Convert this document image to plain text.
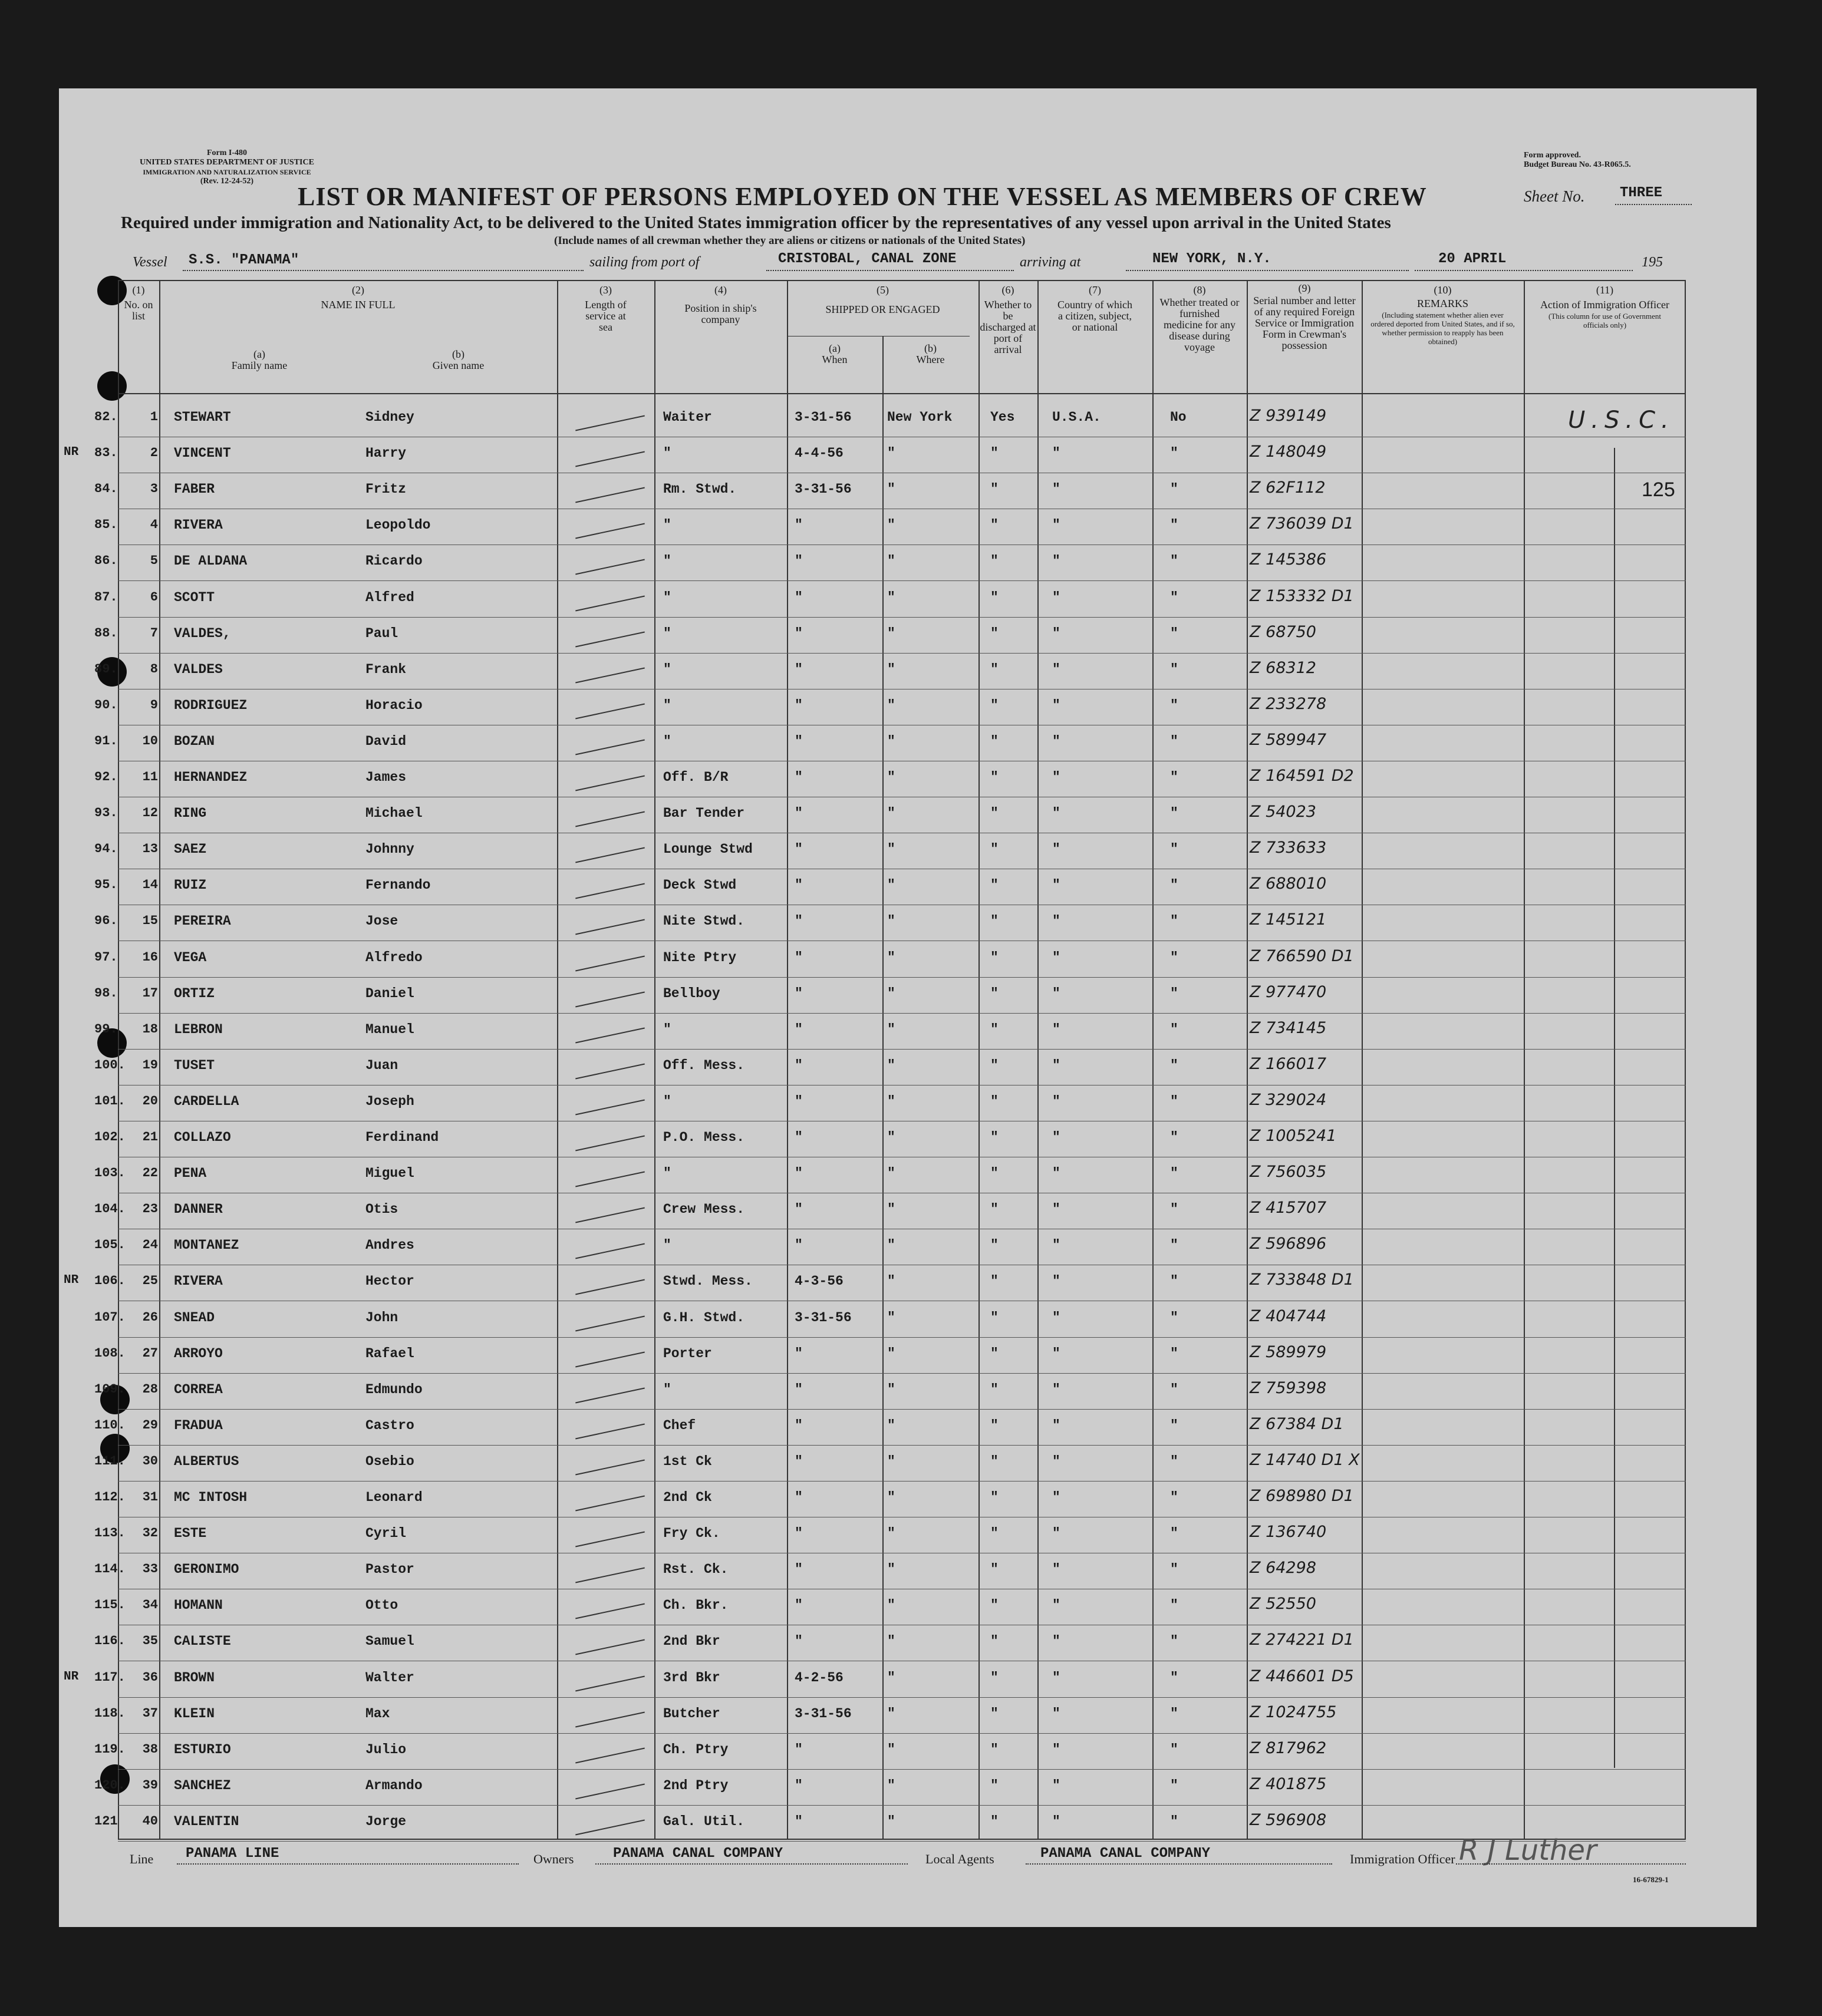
Form I-480
UNITED STATES DEPARTMENT OF JUSTICE
IMMIGRATION AND NATURALIZATION SERVICE
(Rev. 12-24-52)
Form approved.
Budget Bureau No. 43-R065.5.
LIST OR MANIFEST OF PERSONS EMPLOYED ON THE VESSEL AS MEMBERS OF CREW	Sheet No. THREE
Required under immigration and Nationality Act, to be delivered to the United States immigration officer by the representatives of any vessel upon arrival in the United States
(Include names of all crewman whether they are aliens or citizens or nationals of the United States)
Vessel S.S. "PANAMA"	sailing from port of	CRISTOBAL, CANAL ZONE	arriving at	NEW YORK, N.Y.	20 APRIL	195
(1)
No. on list
(2)
NAME IN FULL
(a)
Family name
(b)
Given name
(3)
Length of service at sea
(4)
Position in ship's company
(5)
SHIPPED OR ENGAGED
(a)
When
(b)
Where
(6)
Whether to be discharged at port of arrival
(7)
Country of which a citizen, subject, or national
(8)
Whether treated or furnished medicine for any disease during voyage
(9)
Serial number and letter of any required Foreign Service or Immigration Form in Crewman's possession
(10)
REMARKS
(Including statement whether alien ever ordered deported from United States, and if so, whether permission to reapply has been obtained)
(11)
Action of Immigration Officer
(This column for use of Government officials only)
82.	1 STEWART	Sidney	Waiter	3-31-56	New York	Yes	U.S.A.	No	Z 939149
NR 83.	2 VINCENT	Harry	"	4-4-56	"	"	"	"	Z 148049
84.	3 FABER	Fritz	Rm. Stwd.	3-31-56	"	"	"	"	Z 62F112
85.	4 RIVERA	Leopoldo	"	"	"	"	"	"	Z 736039 D1
86.	5 DE ALDANA	Ricardo	"	"	"	"	"	"	Z 145386
87.	6 SCOTT	Alfred	"	"	"	"	"	"	Z 153332 D1
88.	7 VALDES,	Paul	"	"	"	"	"	"	Z 68750
89.	8 VALDES	Frank	"	"	"	"	"	"	Z 68312
90.	9 RODRIGUEZ	Horacio	"	"	"	"	"	"	Z 233278
91.	10 BOZAN	David	"	"	"	"	"	"	Z 589947
92.	11 HERNANDEZ	James	Off. B/R	"	"	"	"	"	Z 164591 D2
93.	12 RING	Michael	Bar Tender	"	"	"	"	"	Z 54023
94.	13 SAEZ	Johnny	Lounge Stwd	"	"	"	"	"	Z 733633
95.	14 RUIZ	Fernando	Deck Stwd	"	"	"	"	"	Z 688010
96.	15 PEREIRA	Jose	Nite Stwd.	"	"	"	"	"	Z 145121
97.	16 VEGA	Alfredo	Nite Ptry	"	"	"	"	"	Z 766590 D1
98.	17 ORTIZ	Daniel	Bellboy	"	"	"	"	"	Z 977470
99.	18 LEBRON	Manuel	"	"	"	"	"	"	Z 734145
100.	19 TUSET	Juan	Off. Mess.	"	"	"	"	"	Z 166017
101.	20 CARDELLA	Joseph	"	"	"	"	"	"	Z 329024
102.	21 COLLAZO	Ferdinand	P.O. Mess.	"	"	"	"	"	Z 1005241
103.	22 PENA	Miguel	"	"	"	"	"	"	Z 756035
104.	23 DANNER	Otis	Crew Mess.	"	"	"	"	"	Z 415707
105.	24 MONTANEZ	Andres	"	"	"	"	"	"	Z 596896
NR 106.	25 RIVERA	Hector	Stwd. Mess.	4-3-56	"	"	"	"	Z 733848 D1
107.	26 SNEAD	John	G.H. Stwd.	3-31-56	"	"	"	"	Z 404744
108.	27 ARROYO	Rafael	Porter	"	"	"	"	"	Z 589979
109.	28 CORREA	Edmundo	"	"	"	"	"	"	Z 759398
110.	29 FRADUA	Castro	Chef	"	"	"	"	"	Z 67384 D1
111.	30 ALBERTUS	Osebio	1st Ck	"	"	"	"	"	Z 14740 D1 X
112.	31 MC INTOSH	Leonard	2nd Ck	"	"	"	"	"	Z 698980 D1
113.	32 ESTE	Cyril	Fry Ck.	"	"	"	"	"	Z 136740
114.	33 GERONIMO	Pastor	Rst. Ck.	"	"	"	"	"	Z 64298
115.	34 HOMANN	Otto	Ch. Bkr.	"	"	"	"	"	Z 52550
116.	35 CALISTE	Samuel	2nd Bkr	"	"	"	"	"	Z 274221 D1
NR 117.	36 BROWN	Walter	3rd Bkr	4-2-56	"	"	"	"	Z 446601 D5
118.	37 KLEIN	Max	Butcher	3-31-56	"	"	"	"	Z 1024755
119.	38 ESTURIO	Julio	Ch. Ptry	"	"	"	"	"	Z 817962
120.	39 SANCHEZ	Armando	2nd Ptry	"	"	"	"	"	Z 401875
121	40 VALENTIN	Jorge	Gal. Util.	"	"	"	"	"	Z 596908
U.S.C.
125
Line PANAMA LINE	Owners	PANAMA CANAL COMPANY	Local Agents	PANAMA CANAL COMPANY	Immigration Officer R J Luther
16-67829-1
